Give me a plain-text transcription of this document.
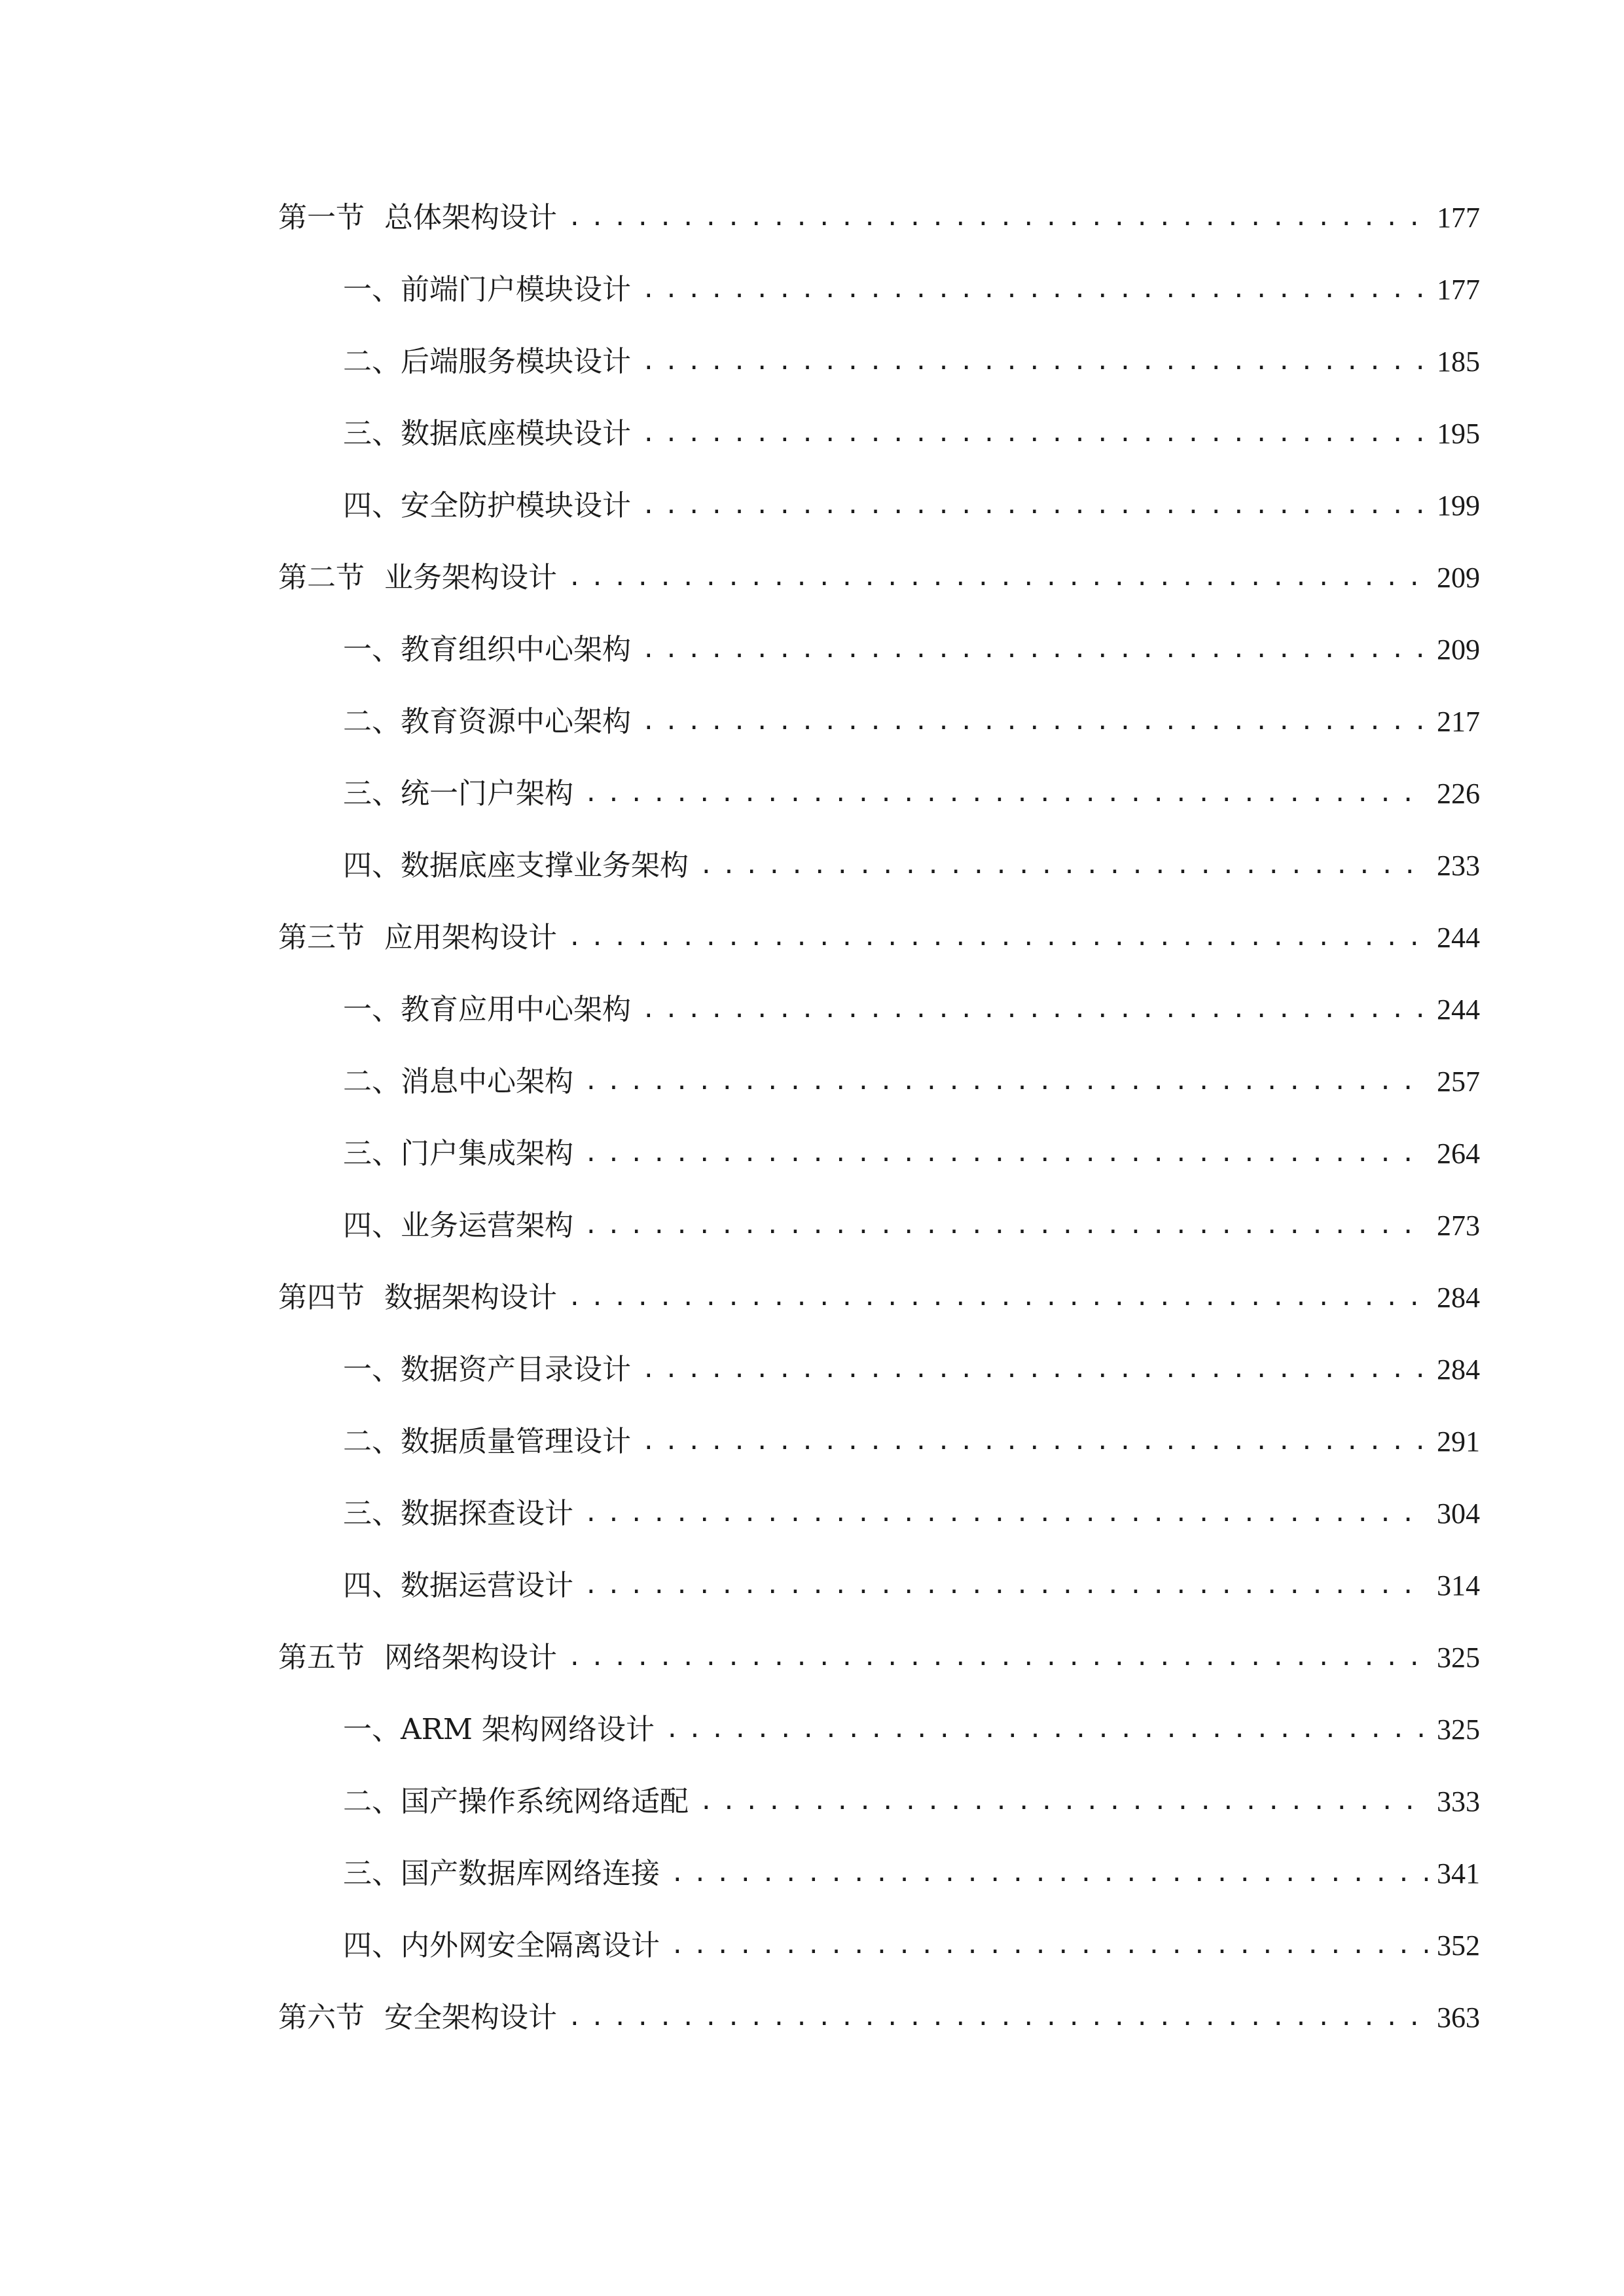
第一节 总体架构设计 .....	177
一、 前端门户模块设计 .....	177
二、 后端服务模块设计 .....	185
三、 数据底座模块设计 .....	195
四、 安全防护模块设计 .....	199
第二节 业务架构设计 .....	209
一、 教育组织中心架构 .....	209
二、 教育资源中心架构 .....	217
三、 统一门户架构 .....	226
四、 数据底座支撑业务架构 .....	233
第三节 应用架构设计 .....	244
一、 教育应用中心架构 .....	244
二、 消息中心架构 .....	257
三、 门户集成架构 .....	264
四、 业务运营架构 .....	273
第四节 数据架构设计 .....	284
一、 数据资产目录设计 .....	284
二、 数据质量管理设计 .....	291
三、 数据探查设计 .....	304
四、 数据运营设计 .....	314
第五节 网络架构设计 .....	325
一、 ARM 架构网络设计 .....	325
二、 国产操作系统网络适配 .....	333
三、 国产数据库网络连接 .....	341
四、 内外网安全隔离设计 .....	352
第六节 安全架构设计 .....	363
